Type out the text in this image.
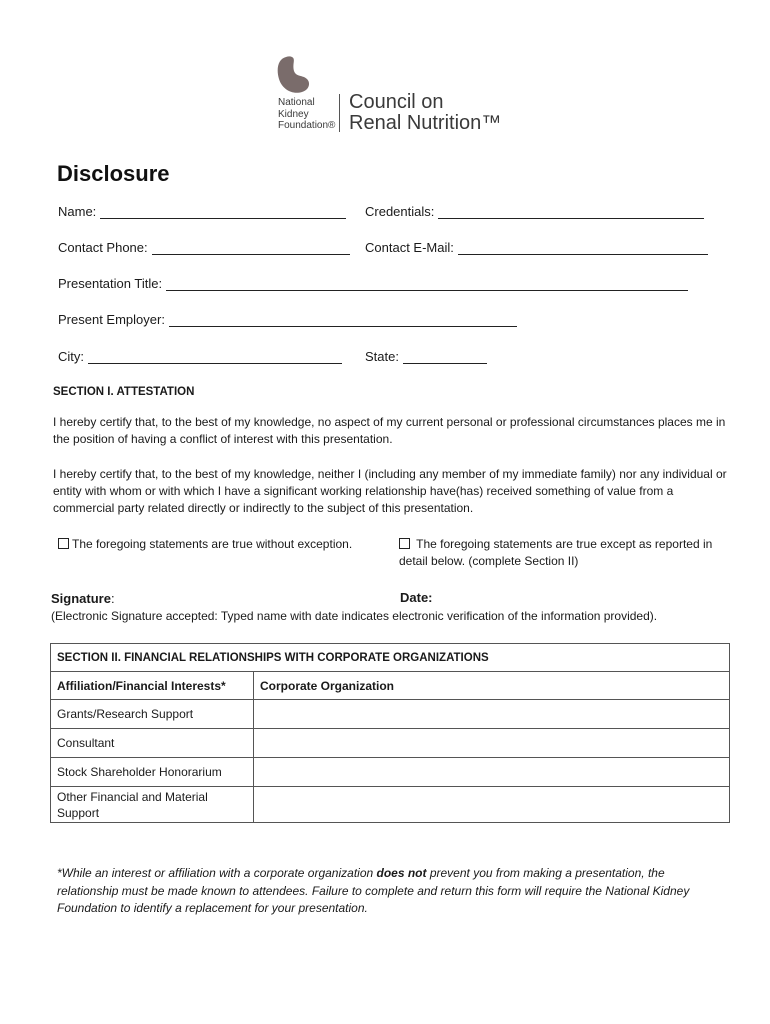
National
Kidney
Foundation®
Council on
Renal Nutrition™
Disclosure
Name:	Credentials:
Contact Phone:	Contact E-Mail:
Presentation Title:
Present Employer:
City:	State:
SECTION I. ATTESTATION
I hereby certify that, to the best of my knowledge, no aspect of my current personal or professional circumstances places me in the position of having a conflict of interest with this presentation.
I hereby certify that, to the best of my knowledge, neither I (including any member of my immediate family) nor any individual or entity with whom or with which I have a significant working relationship have(has) received something of value from a commercial party related directly or indirectly to the subject of this presentation.
The foregoing statements are true without exception.	The foregoing statements are true except as reported in
detail below. (complete Section II)
Signature:	Date:
(Electronic Signature accepted: Typed name with date indicates electronic verification of the information provided).
SECTION II. FINANCIAL RELATIONSHIPS WITH CORPORATE ORGANIZATIONS	
Affiliation/Financial Interests*	Corporate Organization
Grants/Research Support	
Consultant	
Stock Shareholder Honorarium	
Other Financial and Material Support	
*While an interest or affiliation with a corporate organization does not prevent you from making a presentation, the relationship must be made known to attendees. Failure to complete and return this form will require the National Kidney Foundation to identify a replacement for your presentation.
